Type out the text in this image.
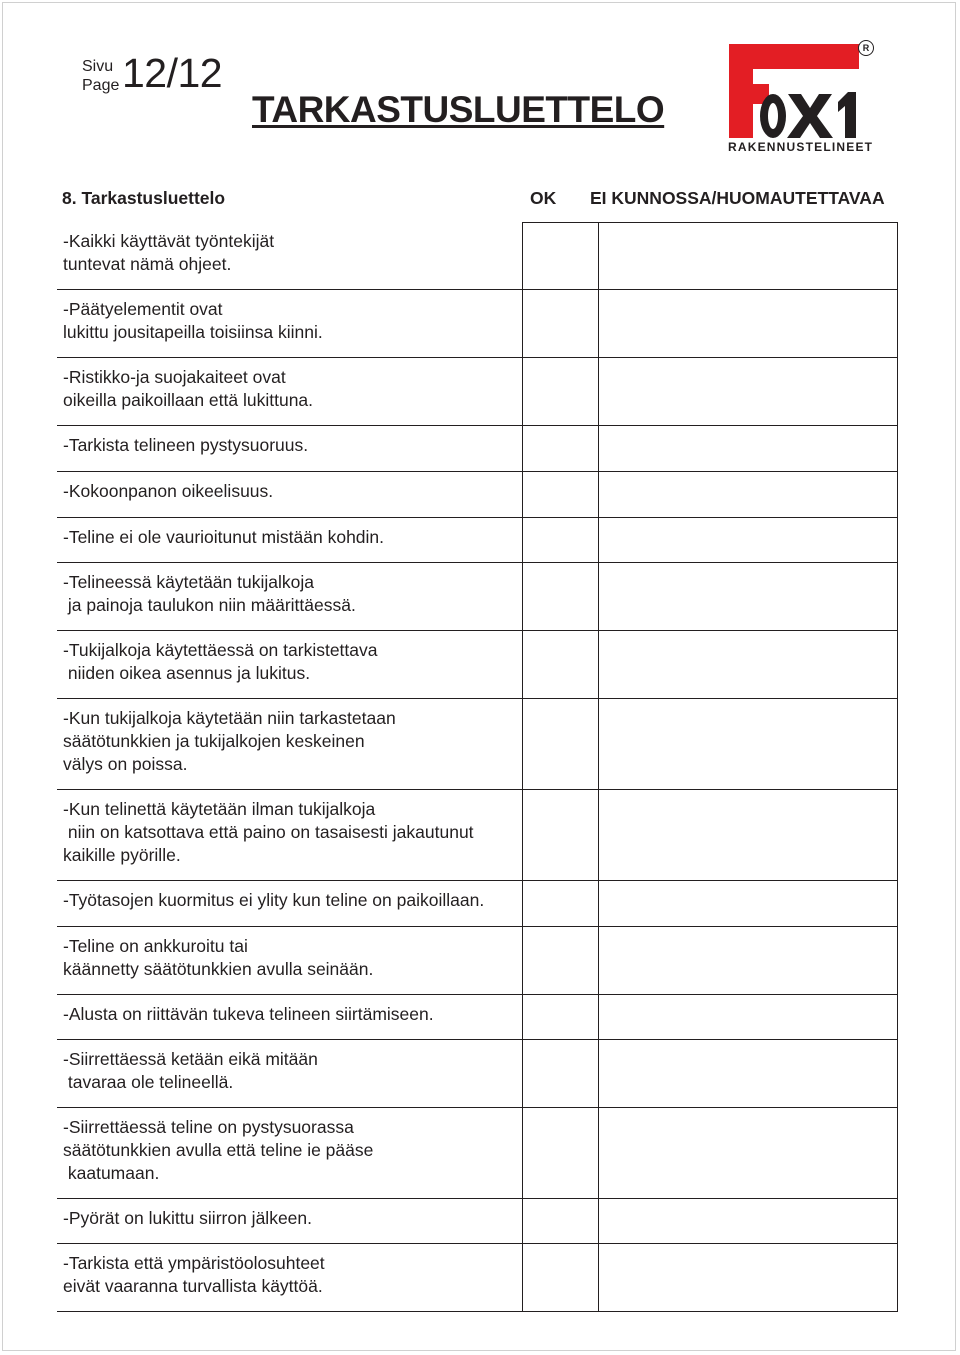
Sivu
Page 12/12
TARKASTUSLUETTELO
R
RAKENNUSTELINEET
8. Tarkastusluettelo	OK EI KUNNOSSA/HUOMAUTETTAVAA
-Kaikki käyttävät työntekijät
tuntevat nämä ohjeet.
-Päätyelementit ovat
lukittu jousitapeilla toisiinsa kiinni.
-Ristikko-ja suojakaiteet ovat
oikeilla paikoillaan että lukittuna.
-Tarkista telineen pystysuoruus.
-Kokoonpanon oikeelisuus.
-Teline ei ole vaurioitunut mistään kohdin.
-Telineessä käytetään tukijalkoja
ja painoja taulukon niin määrittäessä.
-Tukijalkoja käytettäessä on tarkistettava
niiden oikea asennus ja lukitus.
-Kun tukijalkoja käytetään niin tarkastetaan
säätötunkkien ja tukijalkojen keskeinen
välys on poissa.
-Kun telinettä käytetään ilman tukijalkoja
niin on katsottava että paino on tasaisesti jakautunut
kaikille pyörille.
-Työtasojen kuormitus ei ylity kun teline on paikoillaan.
-Teline on ankkuroitu tai
käännetty säätötunkkien avulla seinään.
-Alusta on riittävän tukeva telineen siirtämiseen.
-Siirrettäessä ketään eikä mitään
tavaraa ole telineellä.
-Siirrettäessä teline on pystysuorassa
säätötunkkien avulla että teline ie pääse
kaatumaan.
-Pyörät on lukittu siirron jälkeen.
-Tarkista että ympäristöolosuhteet
eivät vaaranna turvallista käyttöä.
